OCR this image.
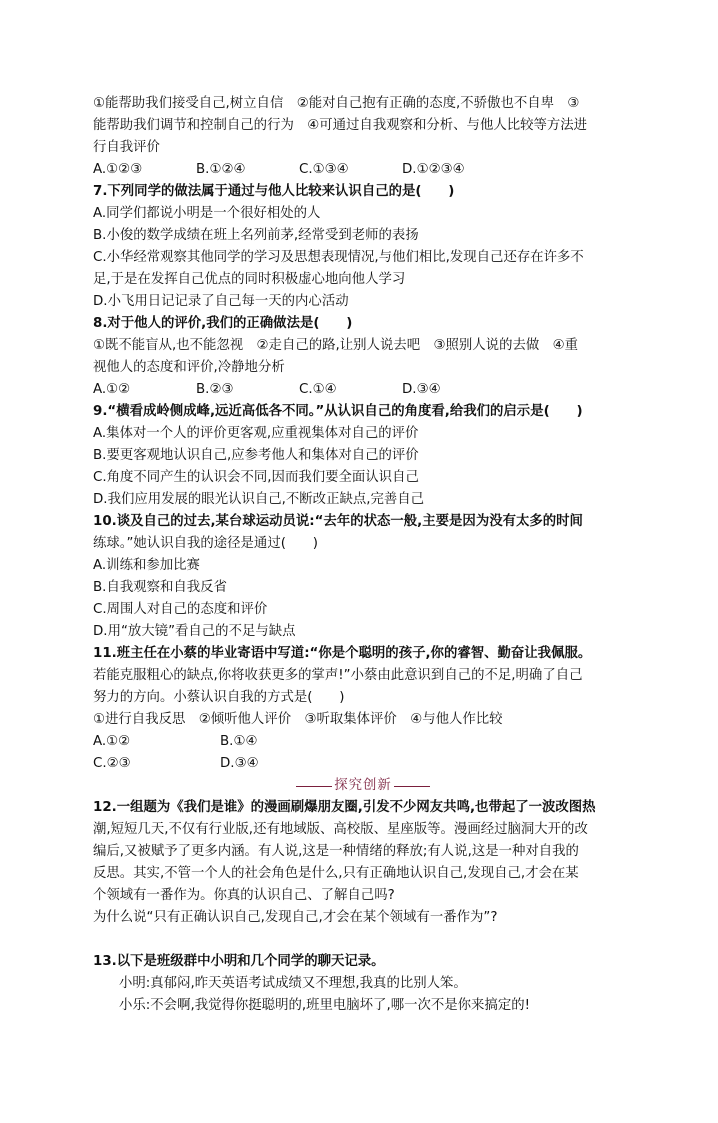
①能帮助我们接受自己,树立自信　②能对自己抱有正确的态度,不骄傲也不自卑　③
能帮助我们调节和控制自己的行为　④可通过自我观察和分析、与他人比较等方法进
行自我评价
A.①②③	B.①②④	C.①③④	D.①②③④
7.下列同学的做法属于通过与他人比较来认识自己的是(　　)
A.同学们都说小明是一个很好相处的人
B.小俊的数学成绩在班上名列前茅,经常受到老师的表扬
C.小华经常观察其他同学的学习及思想表现情况,与他们相比,发现自己还存在许多不
足,于是在发挥自己优点的同时积极虚心地向他人学习
D.小飞用日记记录了自己每一天的内心活动
8.对于他人的评价,我们的正确做法是(　　)
①既不能盲从,也不能忽视　②走自己的路,让别人说去吧　③照别人说的去做　④重
视他人的态度和评价,冷静地分析
A.①②	B.②③	C.①④	D.③④
9.“横看成岭侧成峰,远近高低各不同。”从认识自己的角度看,给我们的启示是(　　)
A.集体对一个人的评价更客观,应重视集体对自己的评价
B.要更客观地认识自己,应参考他人和集体对自己的评价
C.角度不同产生的认识会不同,因而我们要全面认识自己
D.我们应用发展的眼光认识自己,不断改正缺点,完善自己
10.谈及自己的过去,某台球运动员说:“去年的状态一般,主要是因为没有太多的时间
练球。”她认识自我的途径是通过(　　)
A.训练和参加比赛
B.自我观察和自我反省
C.周围人对自己的态度和评价
D.用“放大镜”看自己的不足与缺点
11.班主任在小蔡的毕业寄语中写道:“你是个聪明的孩子,你的睿智、勤奋让我佩服。
若能克服粗心的缺点,你将收获更多的掌声!”小蔡由此意识到自己的不足,明确了自己
努力的方向。小蔡认识自我的方式是(　　)
①进行自我反思　②倾听他人评价　③听取集体评价　④与他人作比较
A.①②	B.①④
C.②③	D.③④
探究创新
12.一组题为《我们是谁》的漫画刷爆朋友圈,引发不少网友共鸣,也带起了一波改图热
潮,短短几天,不仅有行业版,还有地域版、高校版、星座版等。漫画经过脑洞大开的改
编后,又被赋予了更多内涵。有人说,这是一种情绪的释放;有人说,这是一种对自我的
反思。其实,不管一个人的社会角色是什么,只有正确地认识自己,发现自己,才会在某
个领域有一番作为。你真的认识自己、了解自己吗?
为什么说“只有正确认识自己,发现自己,才会在某个领域有一番作为”?
13.以下是班级群中小明和几个同学的聊天记录。
小明:真郁闷,昨天英语考试成绩又不理想,我真的比别人笨。
小乐:不会啊,我觉得你挺聪明的,班里电脑坏了,哪一次不是你来搞定的!
